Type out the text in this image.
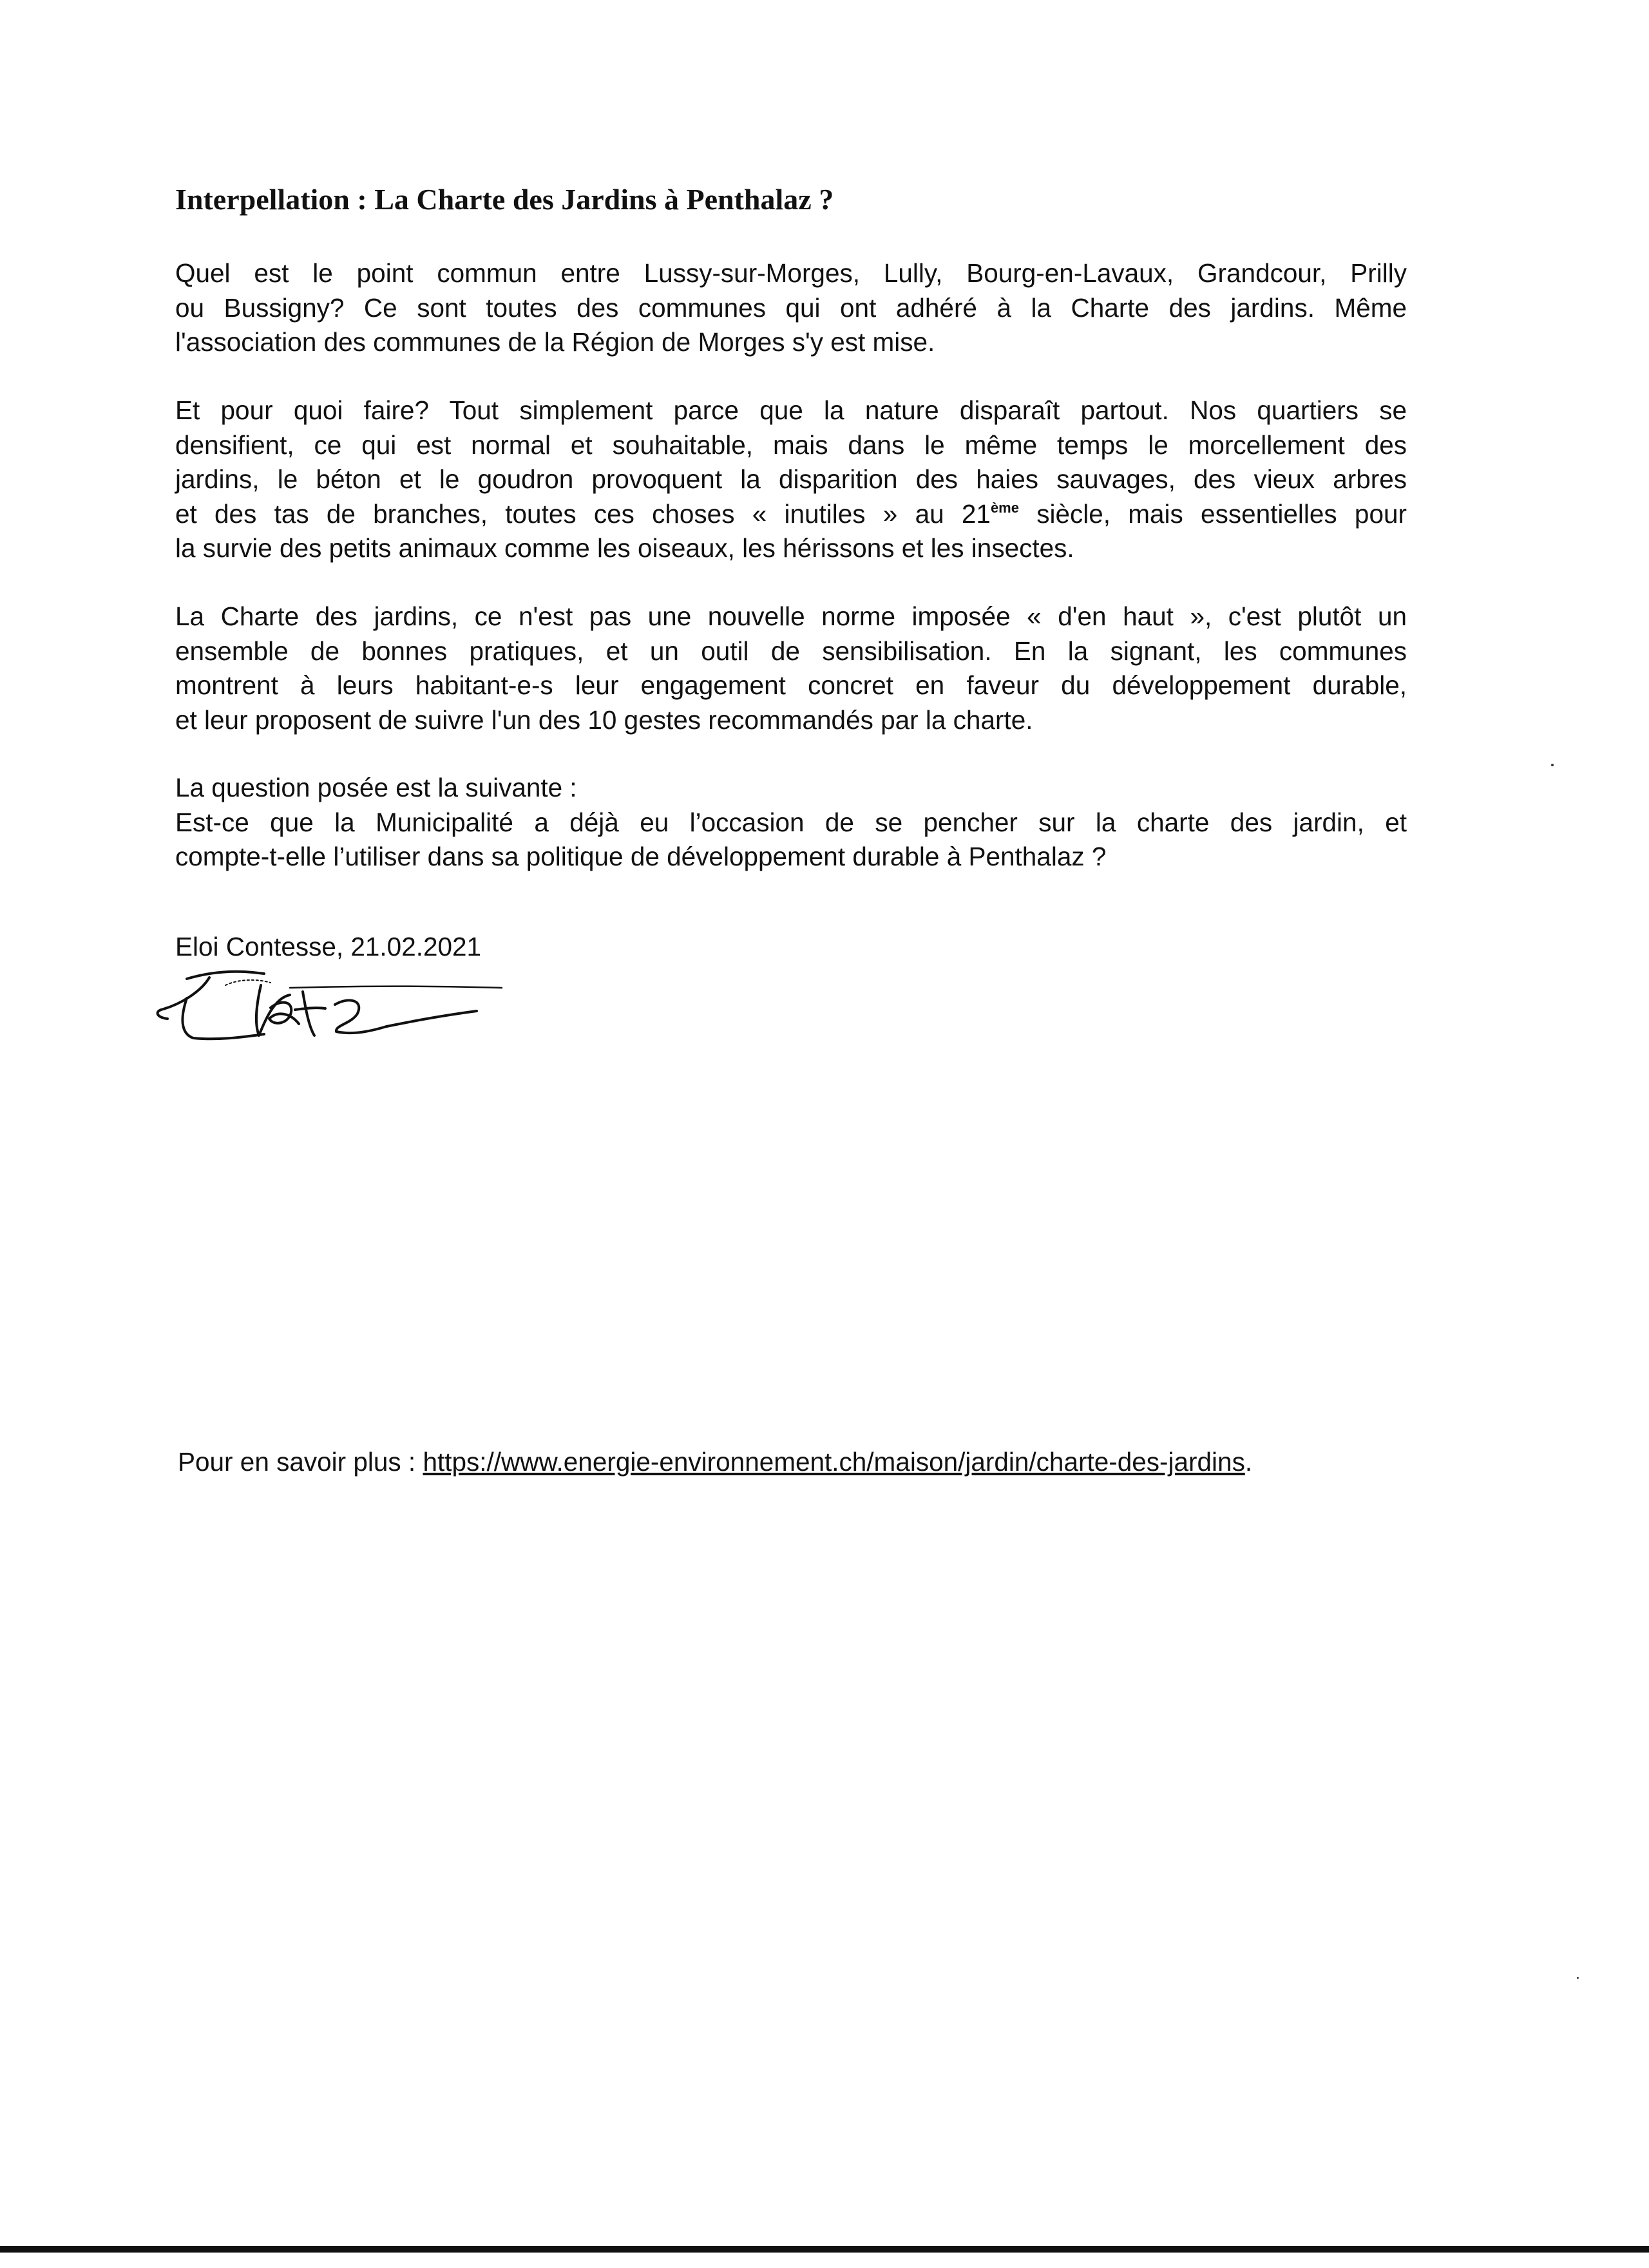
Interpellation : La Charte des Jardins à Penthalaz ?

Quel est le point commun entre Lussy-sur-Morges, Lully, Bourg-en-Lavaux, Grandcour, Prilly
ou Bussigny? Ce sont toutes des communes qui ont adhéré à la Charte des jardins. Même
l'association des communes de la Région de Morges s'y est mise.

Et pour quoi faire? Tout simplement parce que la nature disparaît partout. Nos quartiers se
densifient, ce qui est normal et souhaitable, mais dans le même temps le morcellement des
jardins, le béton et le goudron provoquent la disparition des haies sauvages, des vieux arbres
et des tas de branches, toutes ces choses « inutiles » au 21ème siècle, mais essentielles pour
la survie des petits animaux comme les oiseaux, les hérissons et les insectes.

La Charte des jardins, ce n'est pas une nouvelle norme imposée « d'en haut », c'est plutôt un
ensemble de bonnes pratiques, et un outil de sensibilisation. En la signant, les communes
montrent à leurs habitant-e-s leur engagement concret en faveur du développement durable,
et leur proposent de suivre l'un des 10 gestes recommandés par la charte.

La question posée est la suivante :
Est-ce que la Municipalité a déjà eu l’occasion de se pencher sur la charte des jardin, et
compte-t-elle l’utiliser dans sa politique de développement durable à Penthalaz ?

Eloi Contesse, 21.02.2021
Pour en savoir plus : https://www.energie-environnement.ch/maison/jardin/charte-des-jardins.
